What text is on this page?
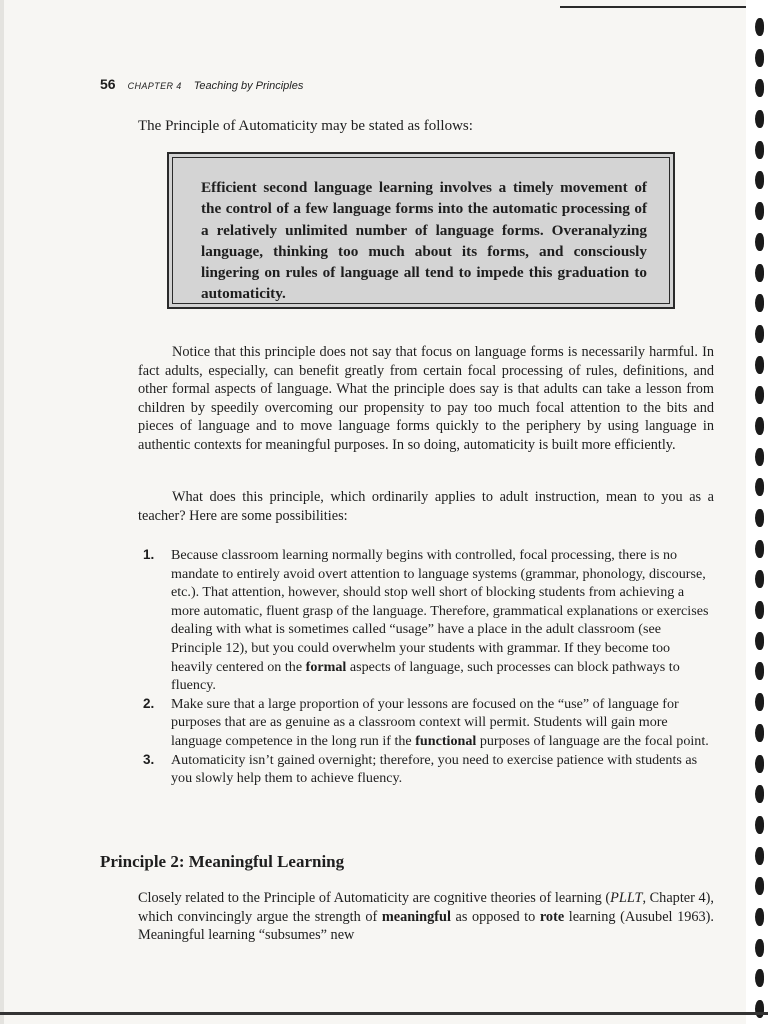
56 CHAPTER 4 Teaching by Principles
The Principle of Automaticity may be stated as follows:

Efficient second language learning involves a timely movement of the control of a few language forms into the automatic processing of a relatively unlimited number of language forms. Overanalyzing language, thinking too much about its forms, and consciously lingering on rules of language all tend to impede this graduation to automaticity.

Notice that this principle does not say that focus on language forms is necessarily harmful. In fact adults, especially, can benefit greatly from certain focal processing of rules, definitions, and other formal aspects of language. What the principle does say is that adults can take a lesson from children by speedily overcoming our propensity to pay too much focal attention to the bits and pieces of language and to move language forms quickly to the periphery by using language in authentic contexts for meaningful purposes. In so doing, automaticity is built more efficiently.

What does this principle, which ordinarily applies to adult instruction, mean to you as a teacher? Here are some possibilities:

1. Because classroom learning normally begins with controlled, focal processing, there is no mandate to entirely avoid overt attention to language systems (grammar, phonology, discourse, etc.). That attention, however, should stop well short of blocking students from achieving a more automatic, fluent grasp of the language. Therefore, grammatical explanations or exercises dealing with what is sometimes called “usage” have a place in the adult classroom (see Principle 12), but you could overwhelm your students with grammar. If they become too heavily centered on the formal aspects of language, such processes can block pathways to fluency.
2. Make sure that a large proportion of your lessons are focused on the “use” of language for purposes that are as genuine as a classroom context will permit. Students will gain more language competence in the long run if the functional purposes of language are the focal point.
3. Automaticity isn’t gained overnight; therefore, you need to exercise patience with students as you slowly help them to achieve fluency.
Principle 2: Meaningful Learning

Closely related to the Principle of Automaticity are cognitive theories of learning (PLLT, Chapter 4), which convincingly argue the strength of meaningful as opposed to rote learning (Ausubel 1963). Meaningful learning “subsumes” new
